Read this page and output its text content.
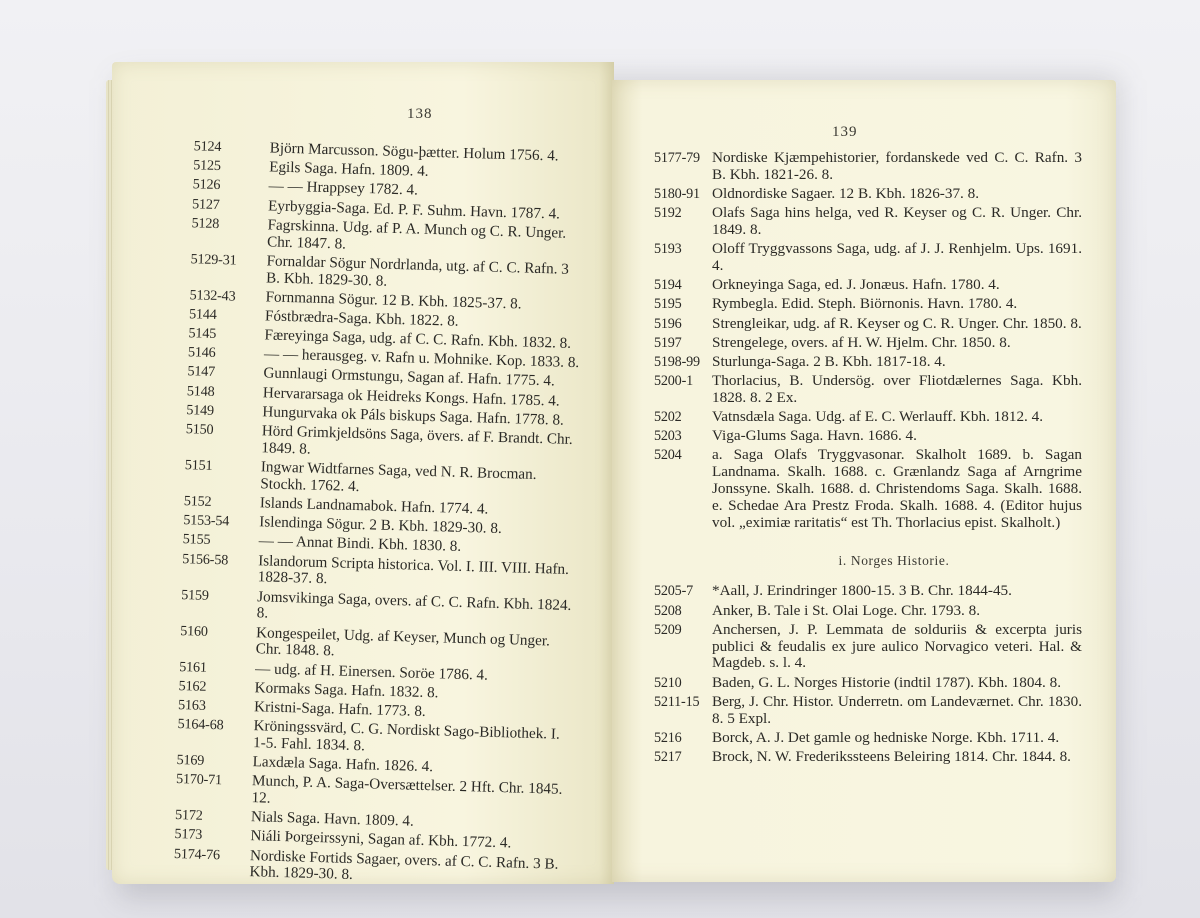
138
5124	Björn Marcusson. Sögu-þætter. Holum 1756. 4.
5125	Egils Saga. Hafn. 1809. 4.
5126	— — Hrappsey 1782. 4.
5127	Eyrbyggia-Saga. Ed. P. F. Suhm. Havn. 1787. 4.
5128	Fagrskinna. Udg. af P. A. Munch og C. R. Unger. Chr. 1847. 8.
5129-31 Fornaldar Sögur Nordrlanda, utg. af C. C. Rafn. 3 B. Kbh. 1829-30. 8.
5132-43 Fornmanna Sögur. 12 B. Kbh. 1825-37. 8.
5144	Fóstbrædra-Saga. Kbh. 1822. 8.
5145	Færeyinga Saga, udg. af C. C. Rafn. Kbh. 1832. 8.
5146	— — herausgeg. v. Rafn u. Mohnike. Kop. 1833. 8.
5147	Gunnlaugi Ormstungu, Sagan af. Hafn. 1775. 4.
5148	Hervararsaga ok Heidreks Kongs. Hafn. 1785. 4.
5149	Hungurvaka ok Páls biskups Saga. Hafn. 1778. 8.
5150	Hörd Grimkjeldsöns Saga, övers. af F. Brandt. Chr. 1849. 8.
5151	Ingwar Widtfarnes Saga, ved N. R. Brocman. Stockh. 1762. 4.
5152	Islands Landnamabok. Hafn. 1774. 4.
5153-54 Islendinga Sögur. 2 B. Kbh. 1829-30. 8.
5155	— — Annat Bindi. Kbh. 1830. 8.
5156-58 Islandorum Scripta historica. Vol. I. III. VIII. Hafn. 1828-37. 8.
5159	Jomsvikinga Saga, overs. af C. C. Rafn. Kbh. 1824. 8.
5160	Kongespeilet, Udg. af Keyser, Munch og Unger. Chr. 1848. 8.
5161	— udg. af H. Einersen. Soröe 1786. 4.
5162	Kormaks Saga. Hafn. 1832. 8.
5163	Kristni-Saga. Hafn. 1773. 8.
5164-68 Kröningssvärd, C. G. Nordiskt Sago-Bibliothek. I. 1-5. Fahl. 1834. 8.
5169	Laxdæla Saga. Hafn. 1826. 4.
5170-71 Munch, P. A. Saga-Oversættelser. 2 Hft. Chr. 1845. 12.
5172	Nials Saga. Havn. 1809. 4.
5173	Niáli Þorgeirssyni, Sagan af. Kbh. 1772. 4.
5174-76 Nordiske Fortids Sagaer, overs. af C. C. Rafn. 3 B. Kbh. 1829-30. 8.
139
5177-79 Nordiske Kjæmpehistorier, fordanskede ved C. C. Rafn. 3 B. Kbh. 1821-26. 8.
5180-91 Oldnordiske Sagaer. 12 B. Kbh. 1826-37. 8.
5192 Olafs Saga hins helga, ved R. Keyser og C. R. Unger. Chr. 1849. 8.
5193 Oloff Tryggvassons Saga, udg. af J. J. Renhjelm. Ups. 1691. 4.
5194 Orkneyinga Saga, ed. J. Jonæus. Hafn. 1780. 4.
5195 Rymbegla. Edid. Steph. Biörnonis. Havn. 1780. 4.
5196 Strengleikar, udg. af R. Keyser og C. R. Unger. Chr. 1850. 8.
5197 Strengelege, overs. af H. W. Hjelm. Chr. 1850. 8.
5198-99 Sturlunga-Saga. 2 B. Kbh. 1817-18. 4.
5200-1 Thorlacius, B. Undersög. over Fliotdælernes Saga. Kbh. 1828. 8. 2 Ex.
5202 Vatnsdæla Saga. Udg. af E. C. Werlauff. Kbh. 1812. 4.
5203 Viga-Glums Saga. Havn. 1686. 4.
5204 a. Saga Olafs Tryggvasonar. Skalholt 1689. b. Sagan Landnama. Skalh. 1688. c. Grænlandz Saga af Arngrime Jonssyne. Skalh. 1688. d. Christendoms Saga. Skalh. 1688. e. Schedae Ara Prestz Froda. Skalh. 1688. 4. (Editor hujus vol. „eximiæ raritatis“ est Th. Thorlacius epist. Skalholt.)
i. Norges Historie.
5205-7 *Aall, J. Erindringer 1800-15. 3 B. Chr. 1844-45.
5208 Anker, B. Tale i St. Olai Loge. Chr. 1793. 8.
5209 Anchersen, J. P. Lemmata de solduriis & excerpta juris publici & feudalis ex jure aulico Norvagico veteri. Hal. & Magdeb. s. l. 4.
5210 Baden, G. L. Norges Historie (indtil 1787). Kbh. 1804. 8.
5211-15 Berg, J. Chr. Histor. Underretn. om Landeværnet. Chr. 1830. 8. 5 Expl.
5216 Borck, A. J. Det gamle og hedniske Norge. Kbh. 1711. 4.
5217 Brock, N. W. Frederikssteens Beleiring 1814. Chr. 1844. 8.
